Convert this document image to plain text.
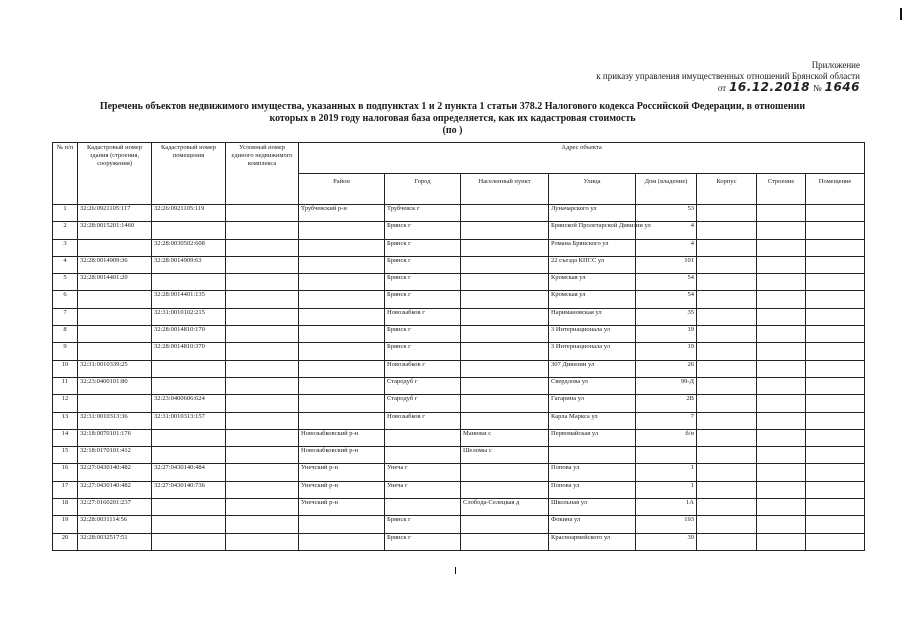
Приложение
к приказу управления имущественных отношений Брянской области
от 16.12.2018 № 1646
Перечень объектов недвижимого имущества, указанных в подпунктах 1 и 2 пункта 1 статьи 378.2 Налогового кодекса Российской Федерации, в отношении
которых в 2019 году налоговая база определяется, как их кадастровая стоимость
(по )
№ п/п	Кадастровый номер здания (строения, сооружения)	Кадастровый номер помещения	Условный номер единого недвижимого комплекса	Адрес объекта							
				Район	Город	Населенный пункт	Улица	Дом (владение)	Корпус	Строение	Помещение
1	32:26:0921105:117	32:26:0921105:119		Трубчевский р-н	Трубчевск г		Луначарского ул	53			
2	32:28:0015201:1460				Брянск г		Брянской Пролетарской Дивизии ул	4			
3		32:28:0030502:608			Брянск г		Романа Брянского ул	4			
4	32:28:0014909:36	32:28:0014909:63			Брянск г		22 съезда КПСС ул	101			
5	32:28:0014401:20				Брянск г		Кромская ул	54			
6		32:28:0014401:135			Брянск г		Кромская ул	54			
7		32:31:0010102:215			Новозыбков г		Наримановская ул	35			
8		32:28:0014810:170			Брянск г		3 Интернационала ул	19			
9		32:28:0014810:370			Брянск г		3 Интернационала ул	19			
10	32:31:0010339:25				Новозыбков г		307 Дивизии ул	26			
11	32:23:0400101:80				Стародуб г		Свердлова ул	99-Д			
12		32:23:0400606:624			Стародуб г		Гагарина ул	2В			
13	32:31:0010313:36	32:31:0010313:157			Новозыбков г		Карла Маркса ул	7			
14	32:18:0070101:176			Новозыбковский р-н		Манюки с	Первомайская ул	б/н			
15	32:18:0170101:412			Новозыбковский р-н		Шеломы с					
16	32:27:0430140:482	32:27:0430140:484		Унечский р-н	Унеча г		Попова ул	1			
17	32:27:0430140:482	32:27:0430140:736		Унечский р-н	Унеча г		Попова ул	1			
18	32:27:0160201:237			Унечский р-н		Слобода-Селецкая д	Школьная ул	1А			
19	32:28:0031114:56				Брянск г		Фокина ул	193			
20	32:28:0032517:51				Брянск г		Красноармейского ул	39			
